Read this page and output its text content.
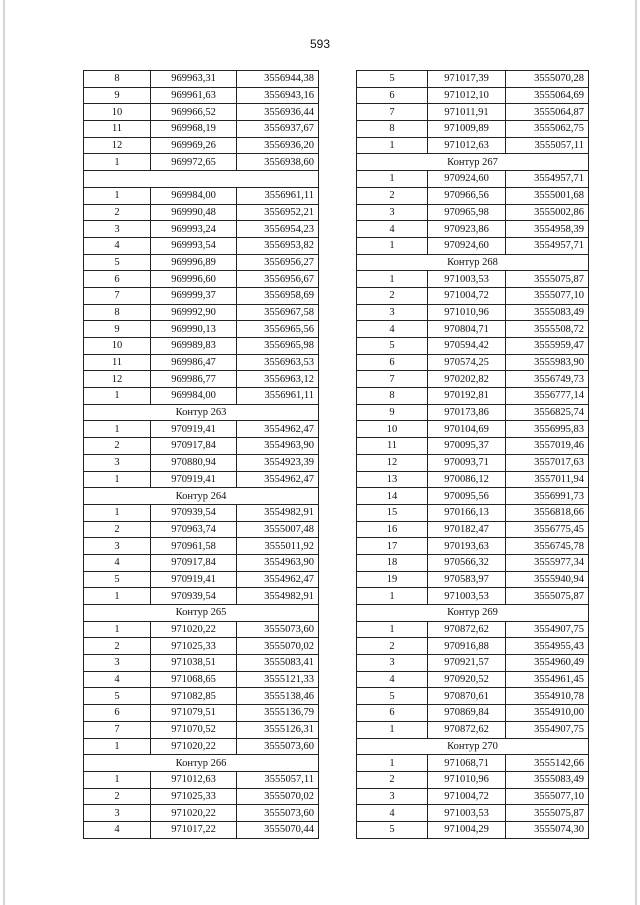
593
8	969963,31	3556944,38
9	969961,63	3556943,16
10	969966,52	3556936,44
11	969968,19	3556937,67
12	969969,26	3556936,20
1	969972,65	3556938,60

1	969984,00	3556961,11
2	969990,48	3556952,21
3	969993,24	3556954,23
4	969993,54	3556953,82
5	969996,89	3556956,27
6	969996,60	3556956,67
7	969999,37	3556958,69
8	969992,90	3556967,58
9	969990,13	3556965,56
10	969989,83	3556965,98
11	969986,47	3556963,53
12	969986,77	3556963,12
1	969984,00	3556961,11
Контур 263		
1	970919,41	3554962,47
2	970917,84	3554963,90
3	970880,94	3554923,39
1	970919,41	3554962,47
Контур 264		
1	970939,54	3554982,91
2	970963,74	3555007,48
3	970961,58	3555011,92
4	970917,84	3554963,90
5	970919,41	3554962,47
1	970939,54	3554982,91
Контур 265		
1	971020,22	3555073,60
2	971025,33	3555070,02
3	971038,51	3555083,41
4	971068,65	3555121,33
5	971082,85	3555138,46
6	971079,51	3555136,79
7	971070,52	3555126,31
1	971020,22	3555073,60
Контур 266		
1	971012,63	3555057,11
2	971025,33	3555070,02
3	971020,22	3555073,60
4	971017,22	3555070,44
5	971017,39	3555070,28
6	971012,10	3555064,69
7	971011,91	3555064,87
8	971009,89	3555062,75
1	971012,63	3555057,11
Контур 267		
1	970924,60	3554957,71
2	970966,56	3555001,68
3	970965,98	3555002,86
4	970923,86	3554958,39
1	970924,60	3554957,71
Контур 268		
1	971003,53	3555075,87
2	971004,72	3555077,10
3	971010,96	3555083,49
4	970804,71	3555508,72
5	970594,42	3555959,47
6	970574,25	3555983,90
7	970202,82	3556749,73
8	970192,81	3556777,14
9	970173,86	3556825,74
10	970104,69	3556995,83
11	970095,37	3557019,46
12	970093,71	3557017,63
13	970086,12	3557011,94
14	970095,56	3556991,73
15	970166,13	3556818,66
16	970182,47	3556775,45
17	970193,63	3556745,78
18	970566,32	3555977,34
19	970583,97	3555940,94
1	971003,53	3555075,87
Контур 269		
1	970872,62	3554907,75
2	970916,88	3554955,43
3	970921,57	3554960,49
4	970920,52	3554961,45
5	970870,61	3554910,78
6	970869,84	3554910,00
1	970872,62	3554907,75
Контур 270		
1	971068,71	3555142,66
2	971010,96	3555083,49
3	971004,72	3555077,10
4	971003,53	3555075,87
5	971004,29	3555074,30
